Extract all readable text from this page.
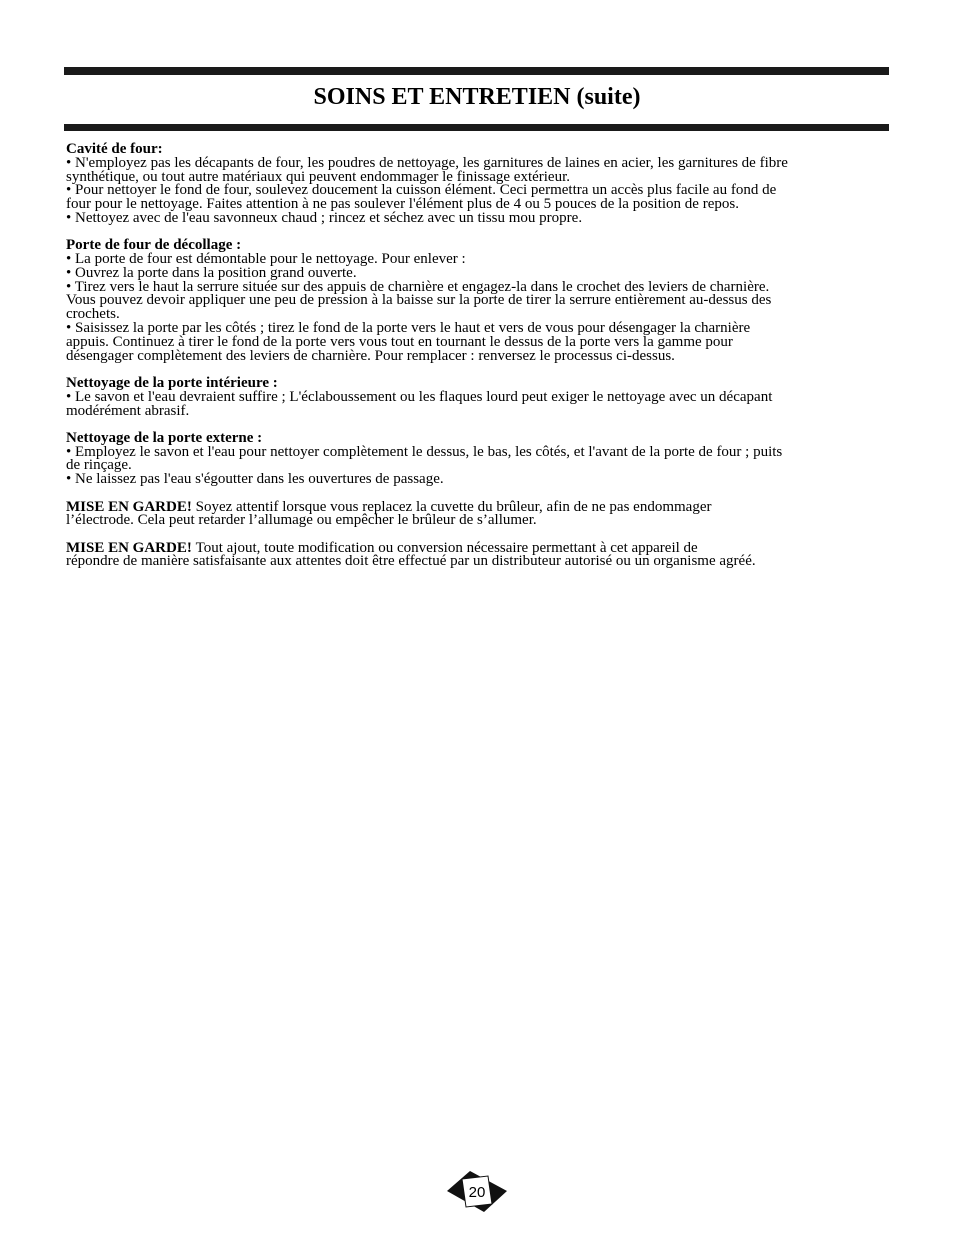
SOINS ET ENTRETIEN (suite)
Cavité de four:
• N'employez pas les décapants de four, les poudres de nettoyage, les garnitures de laines en acier, les garnitures de fibre
synthétique, ou tout autre matériaux qui peuvent endommager le finissage extérieur.
• Pour nettoyer le fond de four, soulevez doucement la cuisson élément. Ceci permettra un accès plus facile au fond de
four pour le nettoyage. Faites attention à ne pas soulever l'élément plus de 4 ou 5 pouces de la position de repos.
• Nettoyez avec de l'eau savonneux chaud ; rincez et séchez avec un tissu mou propre.
Porte de four de décollage :
• La porte de four est démontable pour le nettoyage. Pour enlever :
• Ouvrez la porte dans la position grand ouverte.
• Tirez vers le haut la serrure située sur des appuis de charnière et engagez-la dans le crochet des leviers de charnière.
Vous pouvez devoir appliquer une peu de pression à la baisse sur la porte de tirer la serrure entièrement au-dessus des
crochets.
• Saisissez la porte par les côtés ; tirez le fond de la porte vers le haut et vers de vous pour désengager la charnière
appuis. Continuez à tirer le fond de la porte vers vous tout en tournant le dessus de la porte vers la gamme pour
désengager complètement des leviers de charnière. Pour remplacer : renversez le processus ci-dessus.
Nettoyage de la porte intérieure :
• Le savon et l'eau devraient suffire ; L'éclaboussement ou les flaques lourd peut exiger le nettoyage avec un décapant
modérément abrasif.
Nettoyage de la porte externe :
• Employez le savon et l'eau pour nettoyer complètement le dessus, le bas, les côtés, et l'avant de la porte de four ; puits
de rinçage.
• Ne laissez pas l'eau s'égoutter dans les ouvertures de passage.

MISE EN GARDE! Soyez attentif lorsque vous replacez la cuvette du brûleur, afin de ne pas endommager
l’électrode. Cela peut retarder l’allumage ou empêcher le brûleur de s’allumer.

MISE EN GARDE! Tout ajout, toute modification ou conversion nécessaire permettant à cet appareil de
répondre de manière satisfaisante aux attentes doit être effectué par un distributeur autorisé ou un organisme agréé.

20
